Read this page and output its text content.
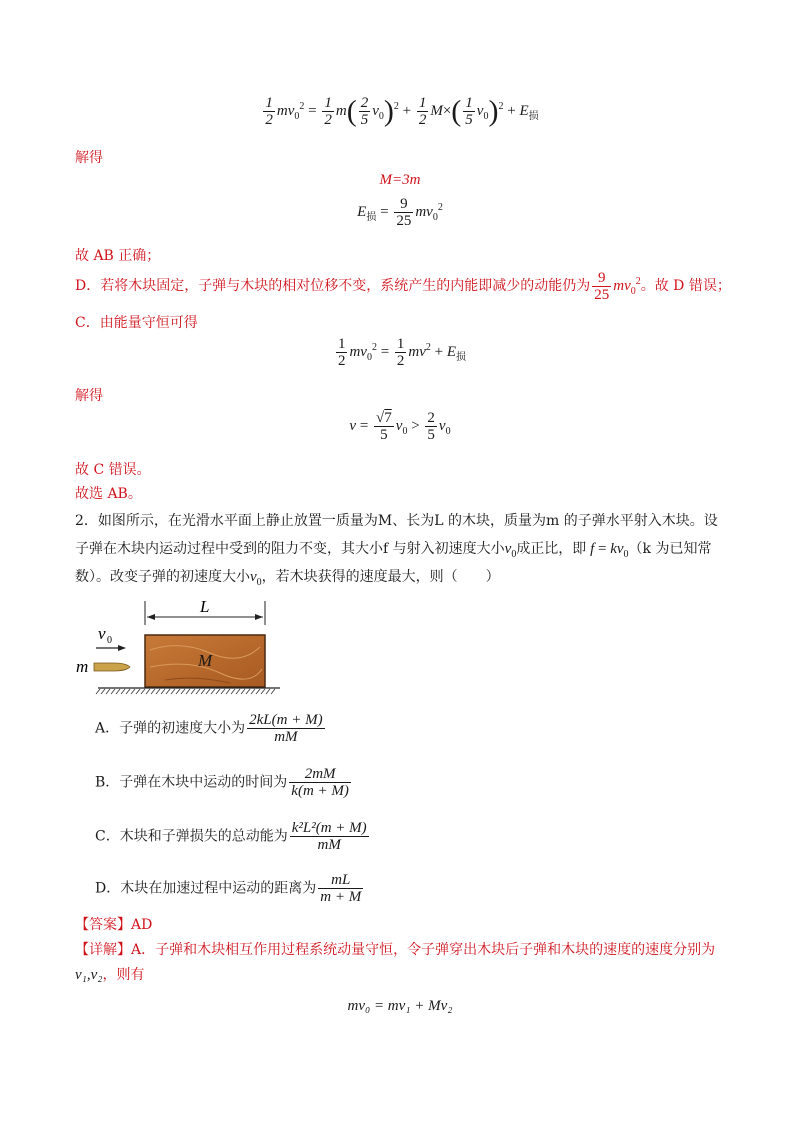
$\frac{1}{2} mv_0^2 = \frac{1}{2} m( \frac{2}{5} v_0)^2 + \frac{1}{2} M\times( \frac{1}{5} v_0)^2 + E_损$
解得
M=3m
$E_损 = \frac{9}{25} mv_0^2$
故 AB 正确；
D．若将木块固定，子弹与木块的相对位移不变，系统产生的内能即减少的动能仍为 $\frac{9}{25} mv_0^2$。故 D 错误；
C．由能量守恒可得
$\frac{1}{2} mv_0^2 = \frac{1}{2} mv^2 + E_损$
解得
$v = \frac{√7}{5} v_0 > \frac{2}{5} v_0$
故 C 错误。
故选 AB。
2．如图所示，在光滑水平面上静止放置一质量为M、长为L 的木块，质量为m 的子弹水平射入木块。设
子弹在木块内运动过程中受到的阻力不变，其大小f 与射入初速度大小$v_0$成正比，即 $f = kv_0(k$ 为已知常
数）。改变子弹的初速度大小$v_0$，若木块获得的速度最大，则（　　）
L
M
v 0
m
A．子弹的初速度大小为 $\frac{2kL(m + M)}{mM}$
B．子弹在木块中运动的时间为 $\frac{2mM}{k(m + M)}$
C．木块和子弹损失的总动能为 $\frac{\text{k²L²(m + M)}}{mM}$
D．木块在加速过程中运动的距离为 $\frac{mL}{m + M}$
【答案】AD
【详解】A．子弹和木块相互作用过程系统动量守恒，令子弹穿出木块后子弹和木块的速度的速度分别为
v₁,v₂，则有
mv₀ = mv₁ + Mv₂
